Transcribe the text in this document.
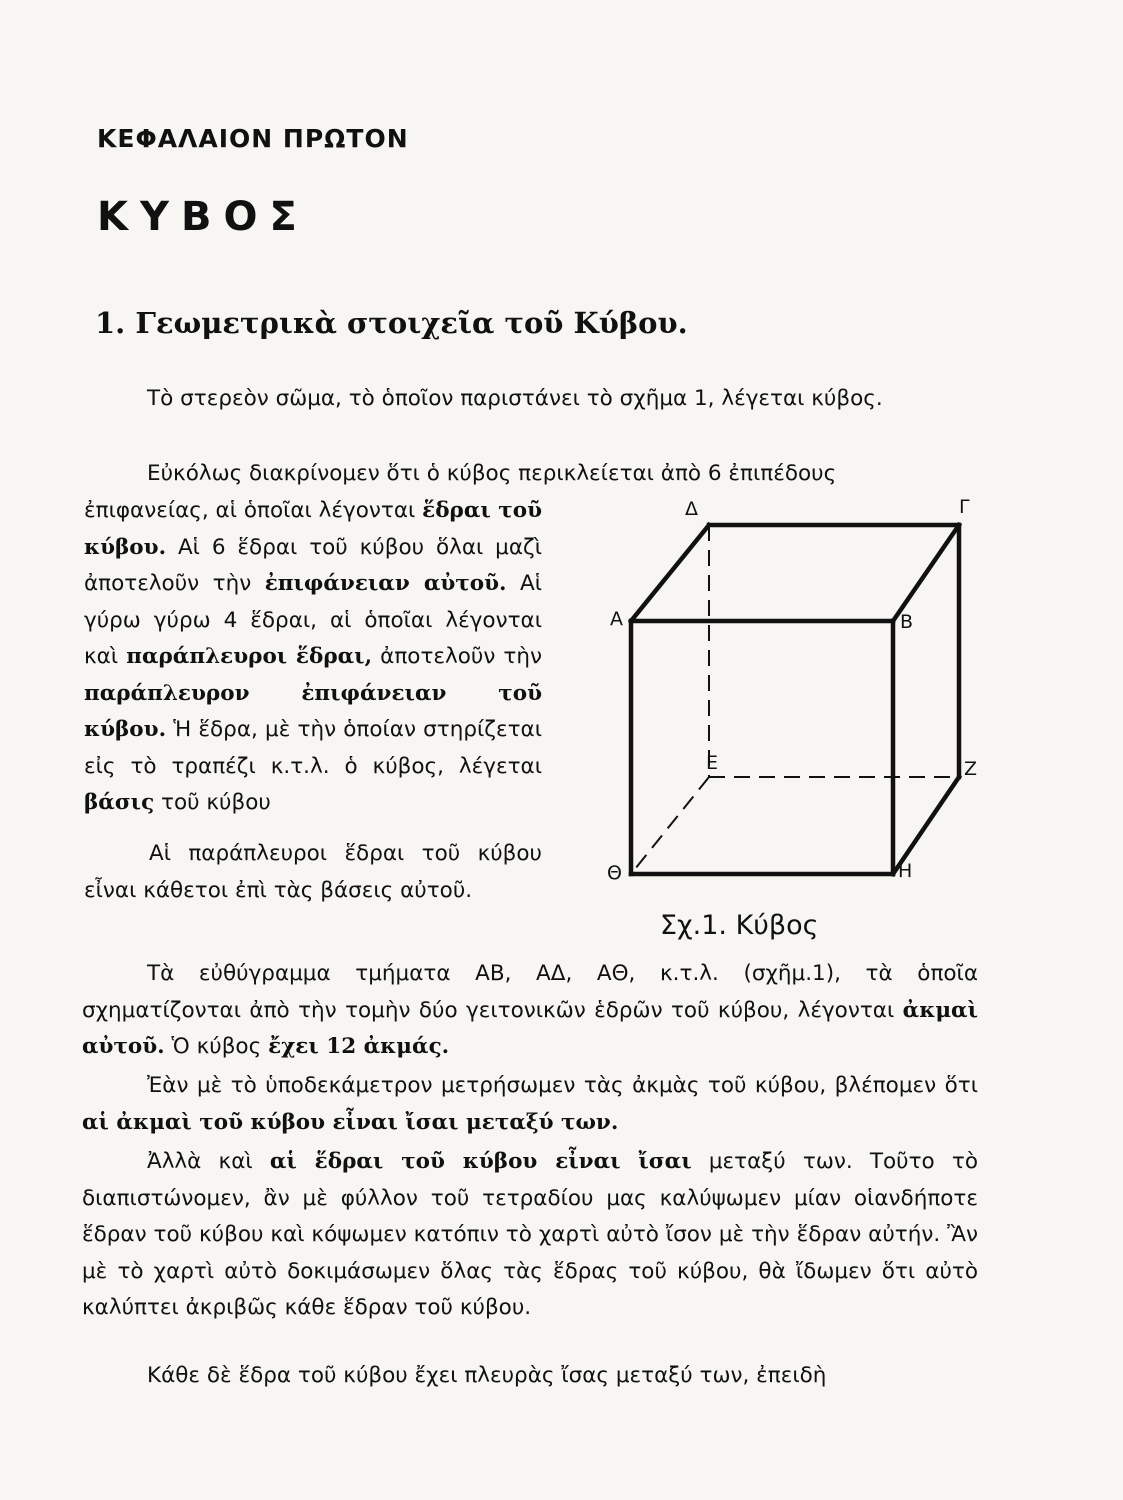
ΚΕΦΑΛΑΙΟΝ ΠΡΩΤΟΝ
ΚΥΒΟΣ
1. Γεωμετρικὰ στοιχεῖα τοῦ Κύβου.

Τὸ στερεὸν σῶμα, τὸ ὁποῖον παριστάνει τὸ σχῆμα 1, λέγεται κύβος.

Εὐκόλως διακρίνομεν ὅτι ὁ κύβος περικλείεται ἀπὸ 6 ἐπιπέδους

ἐπιφανείας, αἱ ὁποῖαι λέγονται ἕδραι τοῦ κύβου. Αἱ 6 ἕδραι τοῦ κύβου ὅλαι μαζὶ ἀποτελοῦν τὴν ἐπιφάνειαν αὐτοῦ. Αἱ γύρω γύρω 4 ἕδραι, αἱ ὁποῖαι λέγονται καὶ παράπλευροι ἕδραι, ἀποτελοῦν τὴν παράπλευρον ἐπιφάνειαν τοῦ κύβου. Ἡ ἕδρα, μὲ τὴν ὁποίαν στηρίζεται εἰς τὸ τραπέζι κ.τ.λ. ὁ κύβος, λέγεται βάσις τοῦ κύβου

Αἱ παράπλευροι ἕδραι τοῦ κύβου εἶναι κάθετοι ἐπὶ τὰς βάσεις αὐτοῦ.

Τὰ εὐθύγραμμα τμήματα ΑΒ, ΑΔ, ΑΘ, κ.τ.λ. (σχῆμ.1), τὰ ὁποῖα σχηματίζονται ἀπὸ τὴν τομὴν δύο γειτονικῶν ἑδρῶν τοῦ κύβου, λέγονται ἀκμαὶ αὐτοῦ. Ὁ κύβος ἔχει 12 ἀκμάς.

Ἐὰν μὲ τὸ ὑποδεκάμετρον μετρήσωμεν τὰς ἀκμὰς τοῦ κύβου, βλέπομεν ὅτι αἱ ἀκμαὶ τοῦ κύβου εἶναι ἴσαι μεταξύ των.

Ἀλλὰ καὶ αἱ ἕδραι τοῦ κύβου εἶναι ἴσαι μεταξύ των. Τοῦτο τὸ διαπιστώνομεν, ἂν μὲ φύλλον τοῦ τετραδίου μας καλύψωμεν μίαν οἱανδήποτε ἕδραν τοῦ κύβου καὶ κόψωμεν κατόπιν τὸ χαρτὶ αὐτὸ ἴσον μὲ τὴν ἕδραν αὐτήν. Ἂν μὲ τὸ χαρτὶ αὐτὸ δοκιμάσωμεν ὅλας τὰς ἕδρας τοῦ κύβου, θὰ ἴδωμεν ὅτι αὐτὸ καλύπτει ἀκριβῶς κάθε ἕδραν τοῦ κύβου.

Κάθε δὲ ἕδρα τοῦ κύβου ἔχει πλευρὰς ἴσας μεταξύ των, ἐπειδὴ

Α	Β
Γ
Δ
Ε	Ζ
Η
Θ
Σχ.1. Κύβος
